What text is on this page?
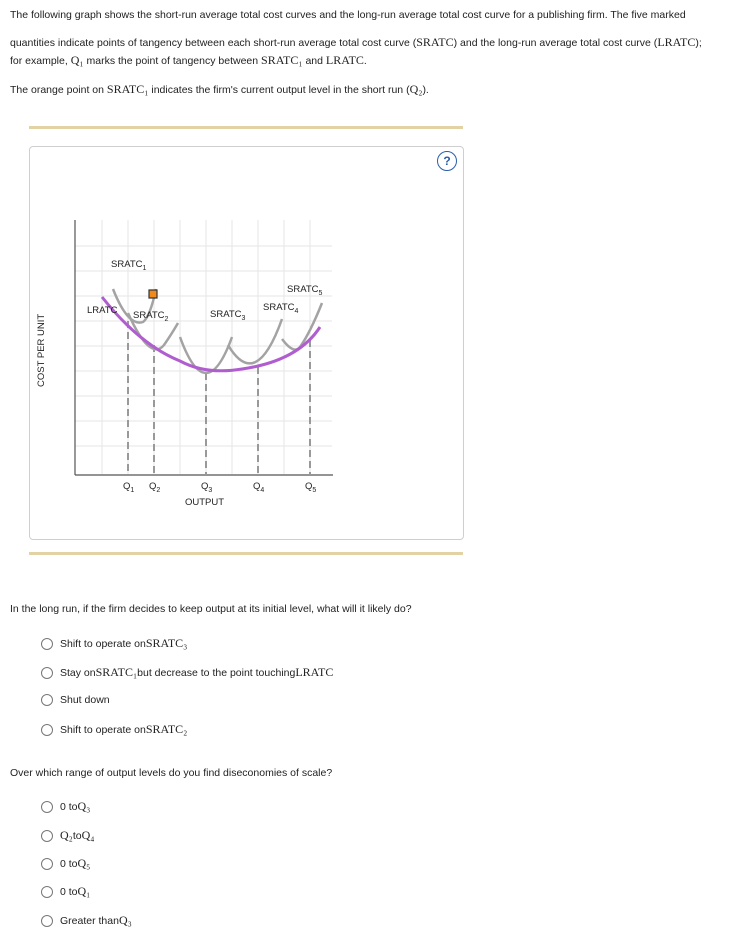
The following graph shows the short-run average total cost curves and the long-run average total cost curve for a publishing firm. The five marked
quantities indicate points of tangency between each short-run average total cost curve (SRATC) and the long-run average total cost curve (LRATC);
for example, Q₁ marks the point of tangency between SRATC₁ and LRATC.
The orange point on SRATC₁ indicates the firm's current output level in the short run (Q₂).
?
$SRATC_1$
LRATC $SRATC_2$	$SRATC_3$
$SRATC_4$
$SRATC_5$
$Q_1$ $Q_2$	$Q_3$	$Q_4$	$Q_5$
OUTPUT
COST PER UNIT
In the long run, if the firm decides to keep output at its initial level, what will it likely do?
Shift to operate on SRATC₃
Stay on SRATC₁ but decrease to the point touching LRATC
Shut down
Shift to operate on SRATC₂
Over which range of output levels do you find diseconomies of scale?
0 to Q₃
Q₂ to Q₄
0 to Q₅
0 to Q₁
Greater than Q₃
